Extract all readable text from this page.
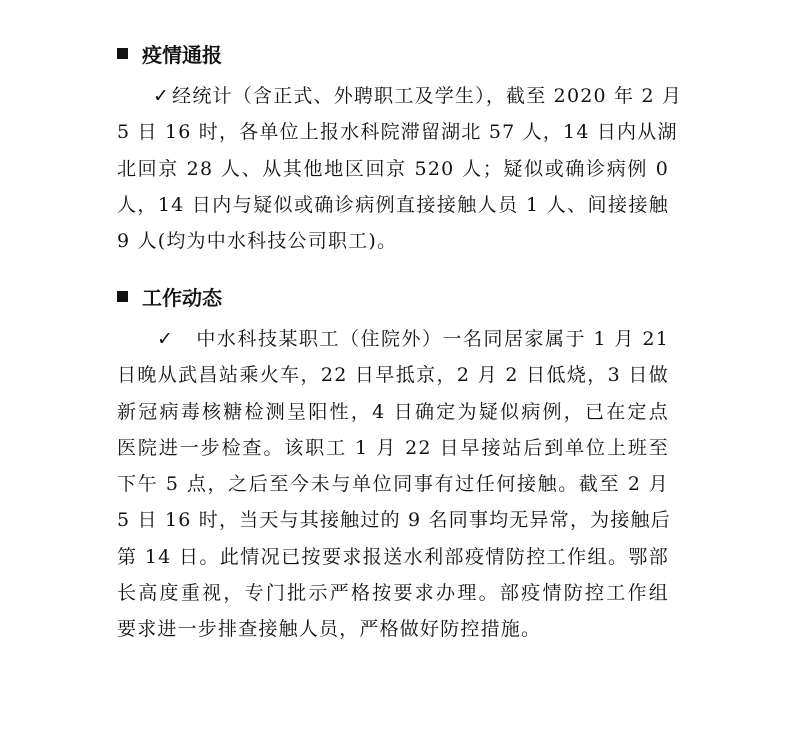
疫情通报
✓ 经统计（含正式、外聘职工及学生），截至 2020 年 2 月
5 日 16 时，各单位上报水科院滞留湖北 57 人，14 日内从湖
北回京 28 人、从其他地区回京 520 人；疑似或确诊病例 0
人，14 日内与疑似或确诊病例直接接触人员 1 人、间接接触
9 人(均为中水科技公司职工)。
工作动态
✓ 中水科技某职工（住院外）一名同居家属于 1 月 21
日晚从武昌站乘火车，22 日早抵京，2 月 2 日低烧，3 日做
新冠病毒核糖检测呈阳性，4 日确定为疑似病例，已在定点
医院进一步检查。该职工 1 月 22 日早接站后到单位上班至
下午 5 点，之后至今未与单位同事有过任何接触。截至 2 月
5 日 16 时，当天与其接触过的 9 名同事均无异常，为接触后
第 14 日。此情况已按要求报送水利部疫情防控工作组。鄂部
长高度重视，专门批示严格按要求办理。部疫情防控工作组
要求进一步排查接触人员，严格做好防控措施。
